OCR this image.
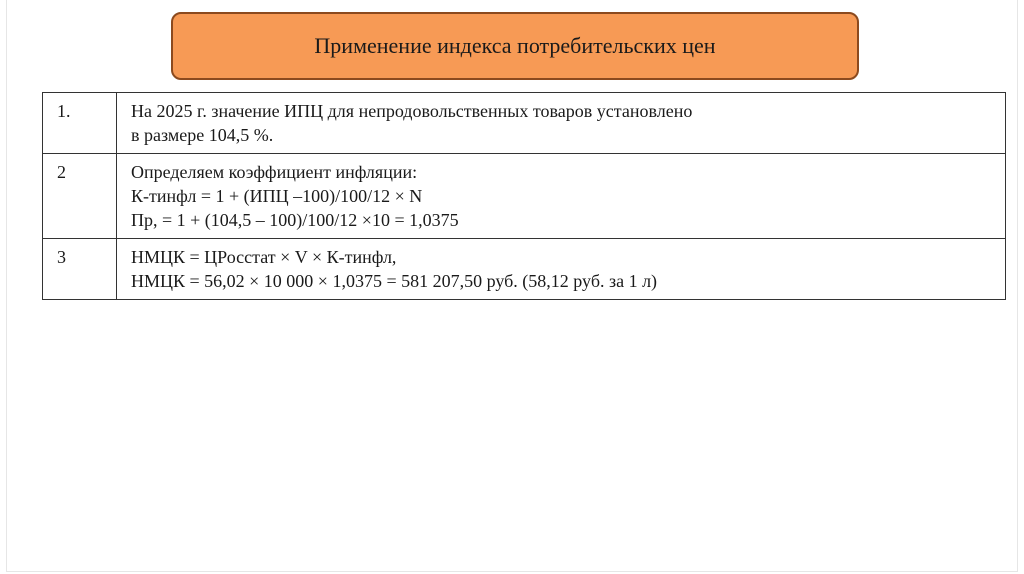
Применение индекса потребительских цен
1.	На 2025 г. значение ИПЦ для непродовольственных товаров установлено
в размере 104,5 %.

2	Определяем коэффициент инфляции:
К-тинфл = 1 + (ИПЦ –100)/100/12 × N
Пр, = 1 + (104,5 – 100)/100/12 ×10 = 1,0375

3	НМЦК = ЦРосстат × V × К-тинфл,
НМЦК = 56,02 × 10 000 × 1,0375 = 581 207,50 руб. (58,12 руб. за 1 л)
